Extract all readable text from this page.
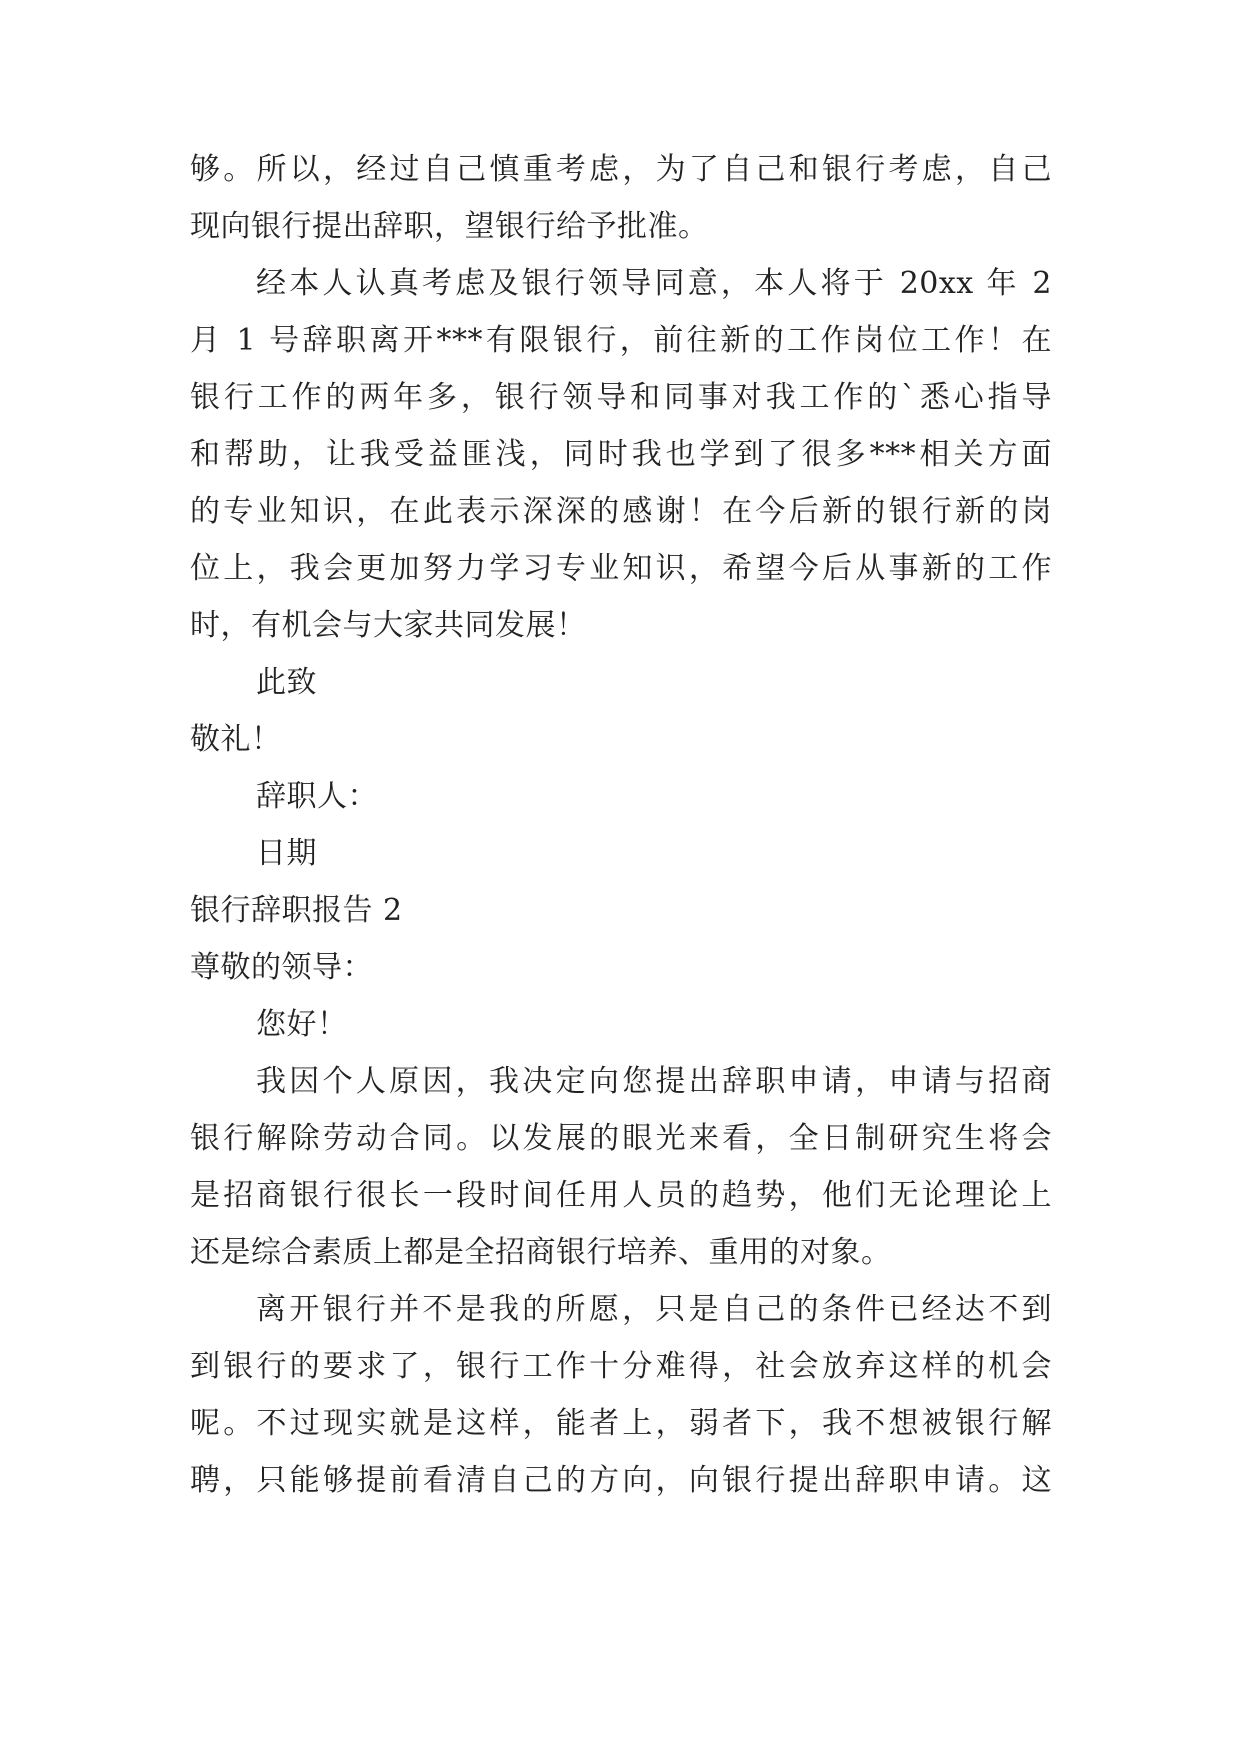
够。所以，经过自己慎重考虑，为了自己和银行考虑，自己
现向银行提出辞职，望银行给予批准。
经本人认真考虑及银行领导同意，本人将于 20xx 年 2
月 1 号辞职离开***有限银行，前往新的工作岗位工作！在
银行工作的两年多，银行领导和同事对我工作的`悉心指导
和帮助，让我受益匪浅，同时我也学到了很多***相关方面
的专业知识，在此表示深深的感谢！在今后新的银行新的岗
位上，我会更加努力学习专业知识，希望今后从事新的工作
时，有机会与大家共同发展！
此致
敬礼！
辞职人：
日期
银行辞职报告 2
尊敬的领导：
您好！
我因个人原因，我决定向您提出辞职申请，申请与招商
银行解除劳动合同。以发展的眼光来看，全日制研究生将会
是招商银行很长一段时间任用人员的趋势，他们无论理论上
还是综合素质上都是全招商银行培养、重用的对象。
离开银行并不是我的所愿，只是自己的条件已经达不到
到银行的要求了，银行工作十分难得，社会放弃这样的机会
呢。不过现实就是这样，能者上，弱者下，我不想被银行解
聘，只能够提前看清自己的方向，向银行提出辞职申请。这
